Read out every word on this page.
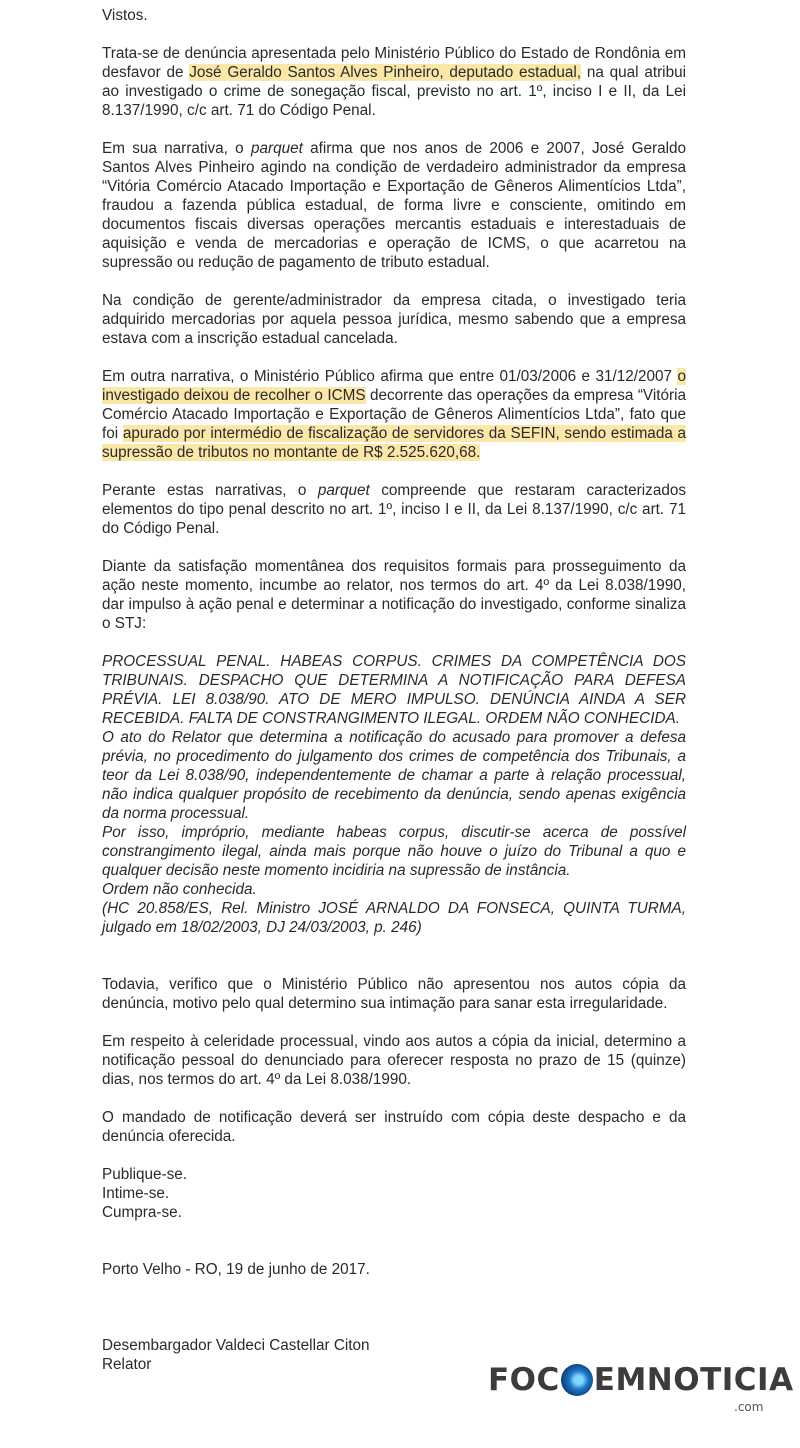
Vistos.

Trata-se de denúncia apresentada pelo Ministério Público do Estado de Rondônia em desfavor de José Geraldo Santos Alves Pinheiro, deputado estadual, na qual atribui ao investigado o crime de sonegação fiscal, previsto no art. 1º, inciso I e II, da Lei 8.137/1990, c/c art. 71 do Código Penal.

Em sua narrativa, o parquet afirma que nos anos de 2006 e 2007, José Geraldo Santos Alves Pinheiro agindo na condição de verdadeiro administrador da empresa “Vitória Comércio Atacado Importação e Exportação de Gêneros Alimentícios Ltda”, fraudou a fazenda pública estadual, de forma livre e consciente, omitindo em documentos fiscais diversas operações mercantis estaduais e interestaduais de aquisição e venda de mercadorias e operação de ICMS, o que acarretou na supressão ou redução de pagamento de tributo estadual.

Na condição de gerente/administrador da empresa citada, o investigado teria adquirido mercadorias por aquela pessoa jurídica, mesmo sabendo que a empresa estava com a inscrição estadual cancelada.

Em outra narrativa, o Ministério Público afirma que entre 01/03/2006 e 31/12/2007 o investigado deixou de recolher o ICMS decorrente das operações da empresa “Vitória Comércio Atacado Importação e Exportação de Gêneros Alimentícios Ltda”, fato que foi apurado por intermédio de fiscalização de servidores da SEFIN, sendo estimada a supressão de tributos no montante de R$ 2.525.620,68.

Perante estas narrativas, o parquet compreende que restaram caracterizados elementos do tipo penal descrito no art. 1º, inciso I e II, da Lei 8.137/1990, c/c art. 71 do Código Penal.

Diante da satisfação momentânea dos requisitos formais para prosseguimento da ação neste momento, incumbe ao relator, nos termos do art. 4º da Lei 8.038/1990, dar impulso à ação penal e determinar a notificação do investigado, conforme sinaliza o STJ:

PROCESSUAL PENAL. HABEAS CORPUS. CRIMES DA COMPETÊNCIA DOS TRIBUNAIS. DESPACHO QUE DETERMINA A NOTIFICAÇÃO PARA DEFESA PRÉVIA. LEI 8.038/90. ATO DE MERO IMPULSO. DENÚNCIA AINDA A SER RECEBIDA. FALTA DE CONSTRANGIMENTO ILEGAL. ORDEM NÃO CONHECIDA.
O ato do Relator que determina a notificação do acusado para promover a defesa prévia, no procedimento do julgamento dos crimes de competência dos Tribunais, a teor da Lei 8.038/90, independentemente de chamar a parte à relação processual, não indica qualquer propósito de recebimento da denúncia, sendo apenas exigência da norma processual.
Por isso, impróprio, mediante habeas corpus, discutir-se acerca de possível constrangimento ilegal, ainda mais porque não houve o juízo do Tribunal a quo e qualquer decisão neste momento incidiria na supressão de instância.
Ordem não conhecida.
(HC 20.858/ES, Rel. Ministro JOSÉ ARNALDO DA FONSECA, QUINTA TURMA, julgado em 18/02/2003, DJ 24/03/2003, p. 246)

Todavia, verifico que o Ministério Público não apresentou nos autos cópia da denúncia, motivo pelo qual determino sua intimação para sanar esta irregularidade.

Em respeito à celeridade processual, vindo aos autos a cópia da inicial, determino a notificação pessoal do denunciado para oferecer resposta no prazo de 15 (quinze) dias, nos termos do art. 4º da Lei 8.038/1990.

O mandado de notificação deverá ser instruído com cópia deste despacho e da denúncia oferecida.

Publique-se.
Intime-se.
Cumpra-se.

Porto Velho - RO, 19 de junho de 2017.

Desembargador Valdeci Castellar Citon
Relator	FOC EMNOTICIA
.com
